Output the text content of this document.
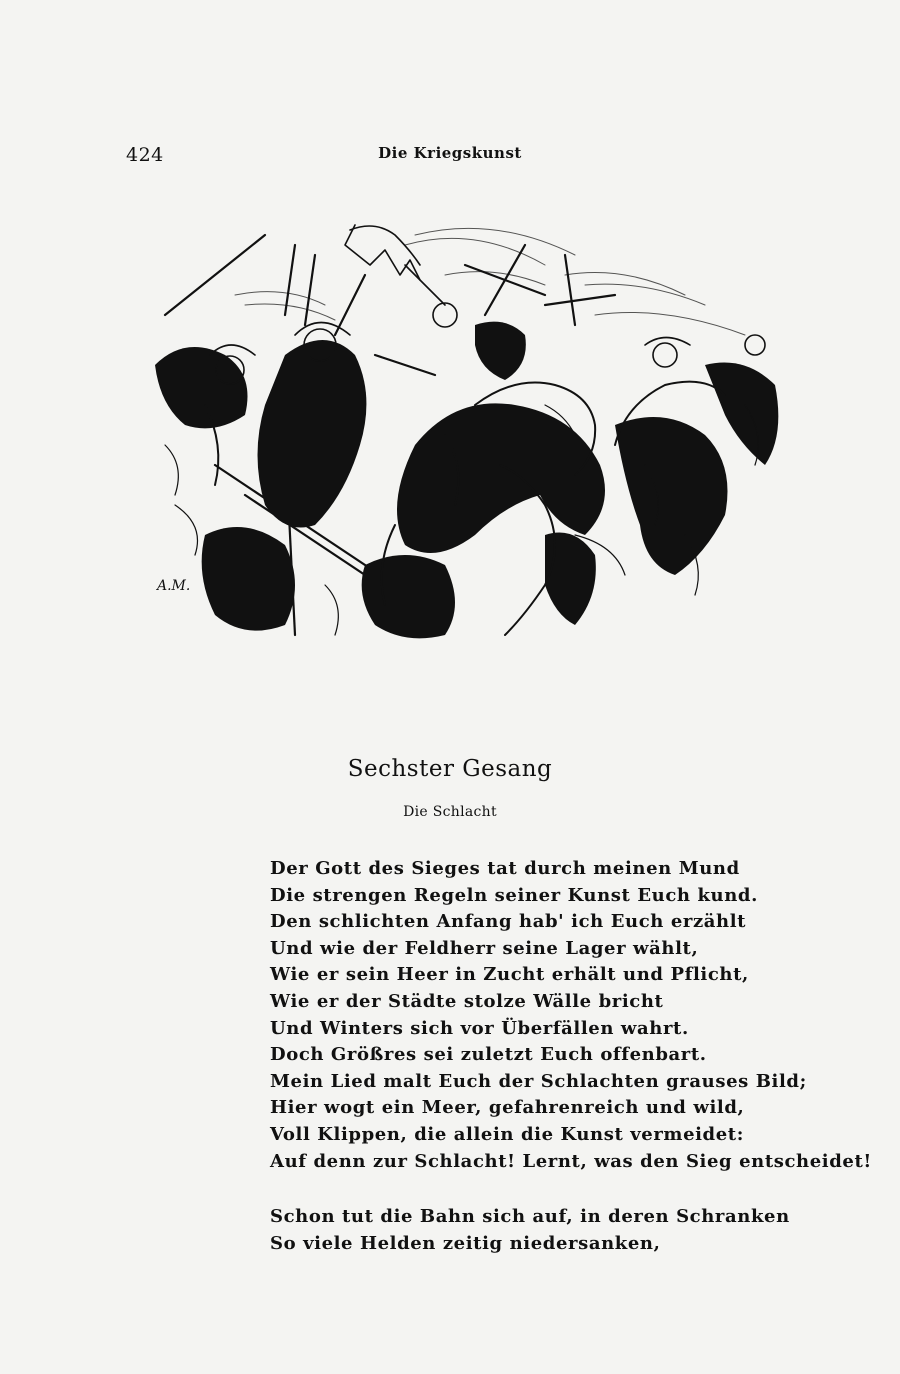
424	Die Kriegskunst
A.M.
Sechster Gesang
Die Schlacht
Der Gott des Sieges tat durch meinen Mund
Die strengen Regeln seiner Kunst Euch kund.
Den schlichten Anfang hab' ich Euch erzählt
Und wie der Feldherr seine Lager wählt,
Wie er sein Heer in Zucht erhält und Pflicht,
Wie er der Städte stolze Wälle bricht
Und Winters sich vor Überfällen wahrt.
Doch Größres sei zuletzt Euch offenbart.
Mein Lied malt Euch der Schlachten grauses Bild;
Hier wogt ein Meer, gefahrenreich und wild,
Voll Klippen, die allein die Kunst vermeidet:
Auf denn zur Schlacht! Lernt, was den Sieg entscheidet!
Schon tut die Bahn sich auf, in deren Schranken
So viele Helden zeitig niedersanken,
